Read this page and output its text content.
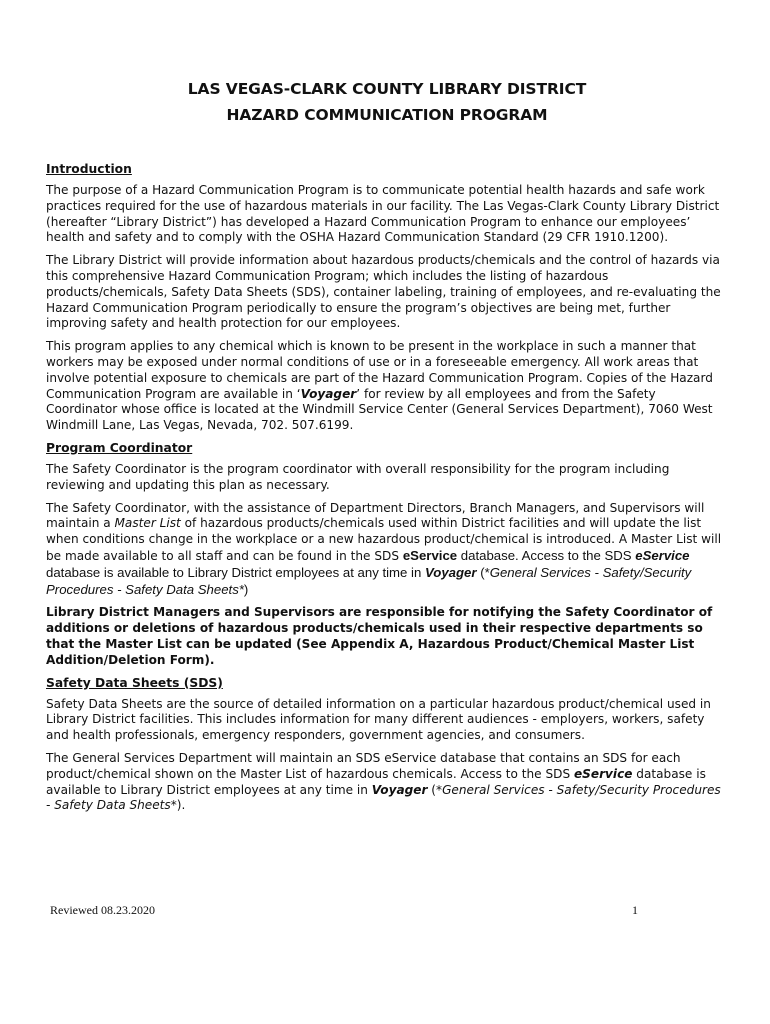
LAS VEGAS-CLARK COUNTY LIBRARY DISTRICT
HAZARD COMMUNICATION PROGRAM
Introduction

The purpose of a Hazard Communication Program is to communicate potential health hazards and safe work practices required for the use of hazardous materials in our facility. The Las Vegas-Clark County Library District (hereafter “Library District”) has developed a Hazard Communication Program to enhance our employees’ health and safety and to comply with the OSHA Hazard Communication Standard (29 CFR 1910.1200).

The Library District will provide information about hazardous products/chemicals and the control of hazards via this comprehensive Hazard Communication Program; which includes the listing of hazardous products/chemicals, Safety Data Sheets (SDS), container labeling, training of employees, and re-evaluating the Hazard Communication Program periodically to ensure the program’s objectives are being met, further improving safety and health protection for our employees.

This program applies to any chemical which is known to be present in the workplace in such a manner that workers may be exposed under normal conditions of use or in a foreseeable emergency. All work areas that involve potential exposure to chemicals are part of the Hazard Communication Program. Copies of the Hazard Communication Program are available in ‘Voyager’ for review by all employees and from the Safety Coordinator whose office is located at the Windmill Service Center (General Services Department), 7060 West Windmill Lane, Las Vegas, Nevada, 702. 507.6199.

Program Coordinator

The Safety Coordinator is the program coordinator with overall responsibility for the program including reviewing and updating this plan as necessary.

The Safety Coordinator, with the assistance of Department Directors, Branch Managers, and Supervisors will maintain a Master List of hazardous products/chemicals used within District facilities and will update the list when conditions change in the workplace or a new hazardous product/chemical is introduced. A Master List will be made available to all staff and can be found in the SDS eService database. Access to the SDS eService database is available to Library District employees at any time in Voyager (*General Services - Safety/Security Procedures - Safety Data Sheets*)

Library District Managers and Supervisors are responsible for notifying the Safety Coordinator of additions or deletions of hazardous products/chemicals used in their respective departments so that the Master List can be updated (See Appendix A, Hazardous Product/Chemical Master List Addition/Deletion Form).

Safety Data Sheets (SDS)

Safety Data Sheets are the source of detailed information on a particular hazardous product/chemical used in Library District facilities. This includes information for many different audiences - employers, workers, safety and health professionals, emergency responders, government agencies, and consumers.

The General Services Department will maintain an SDS eService database that contains an SDS for each product/chemical shown on the Master List of hazardous chemicals. Access to the SDS eService database is available to Library District employees at any time in Voyager (*General Services - Safety/Security Procedures - Safety Data Sheets*).

Reviewed 08.23.2020	1
